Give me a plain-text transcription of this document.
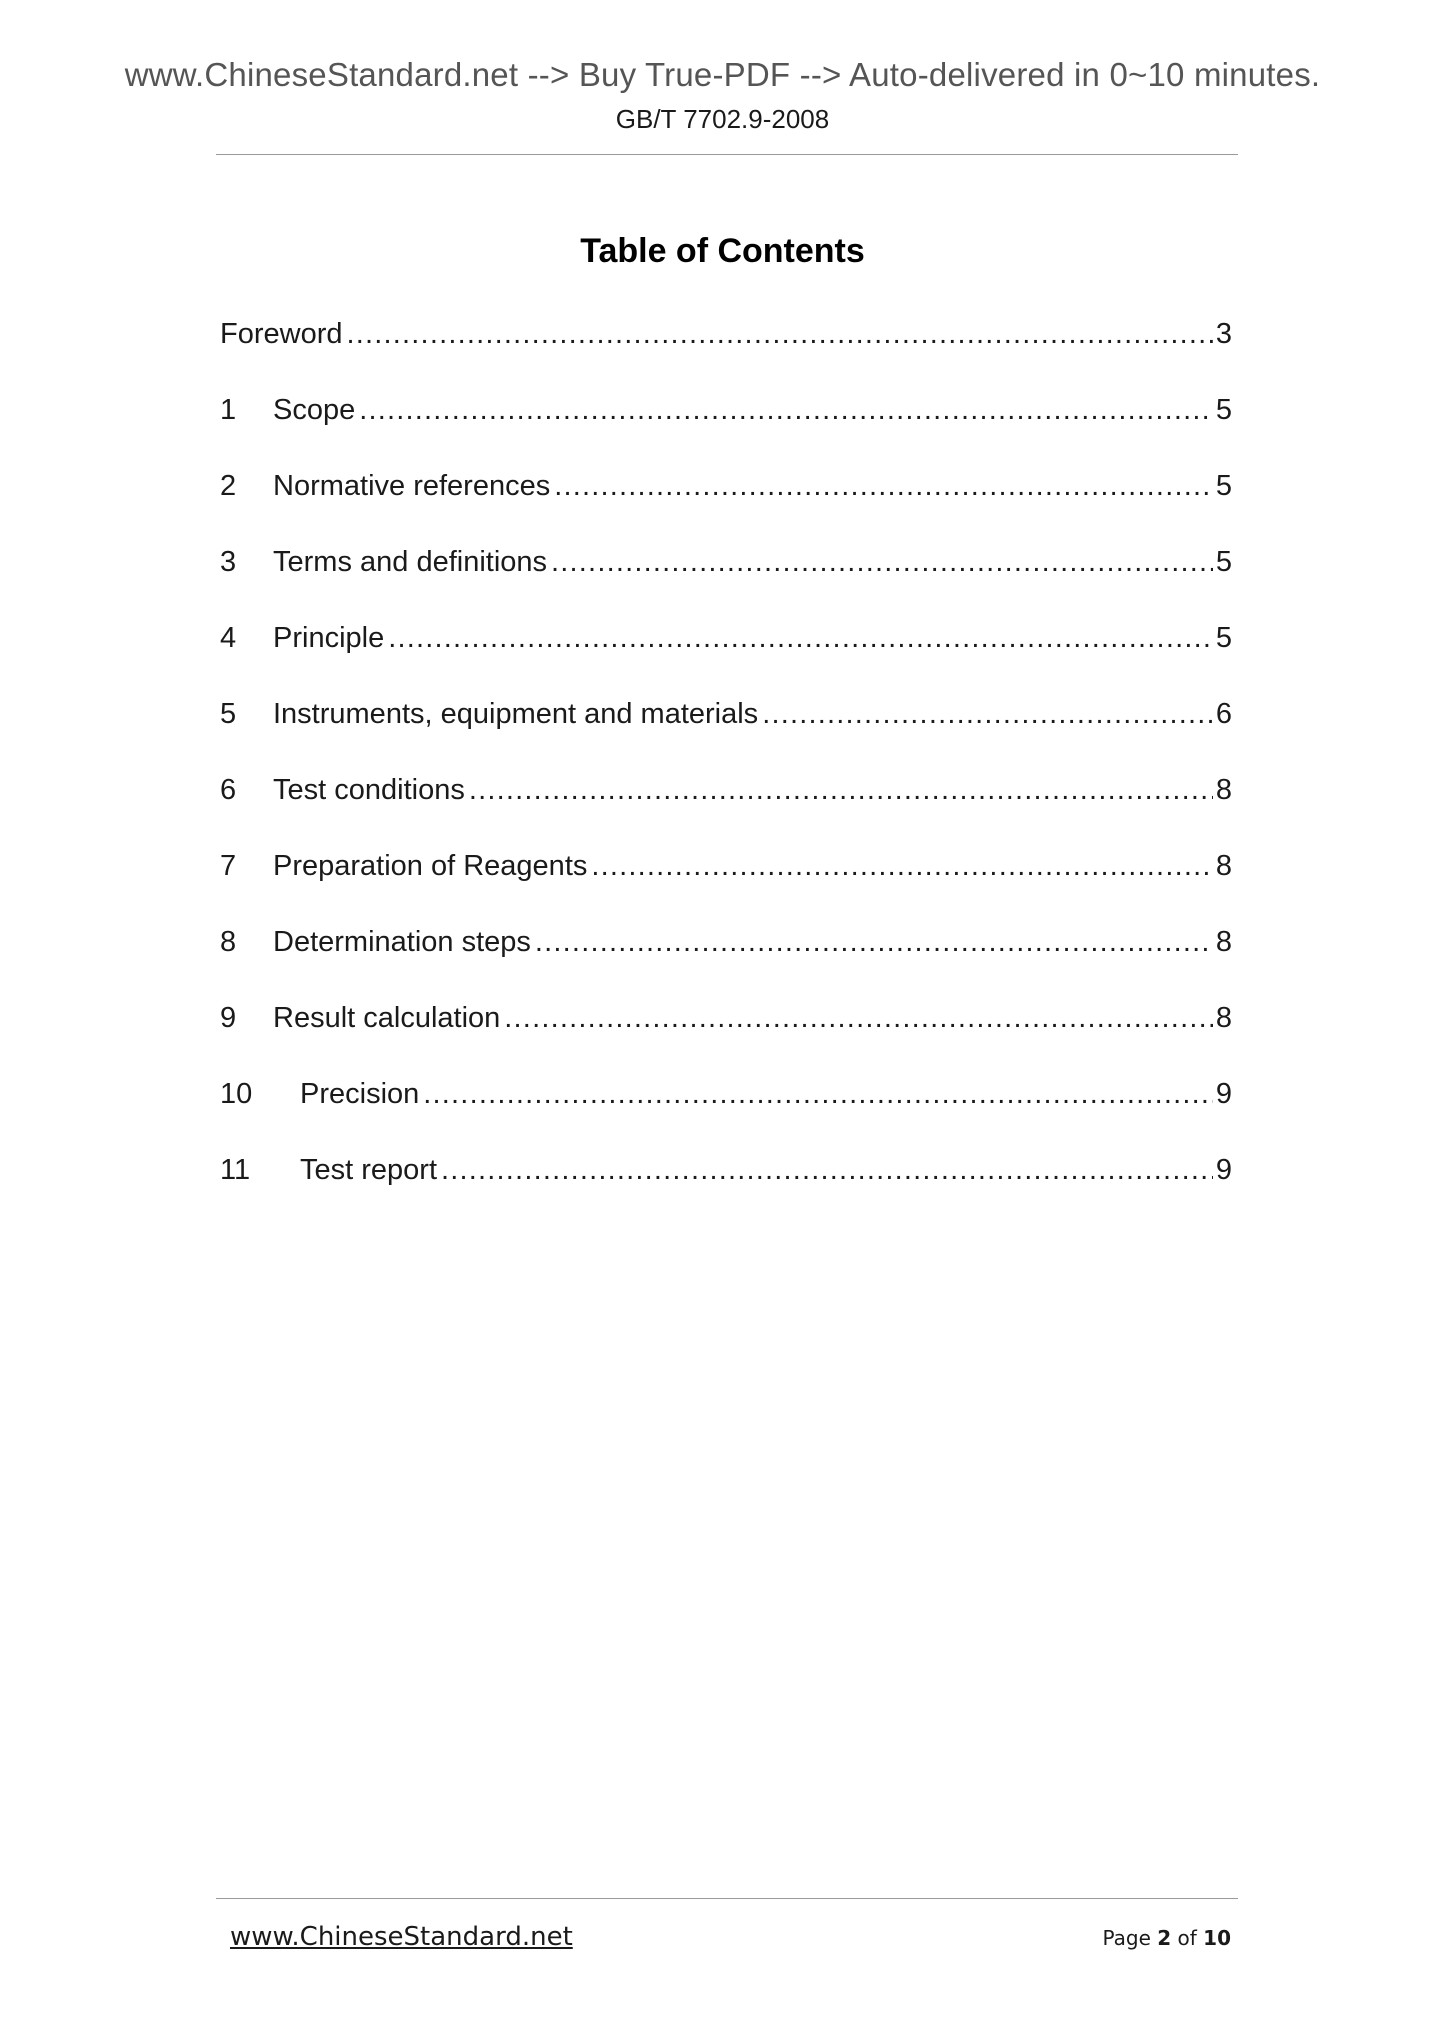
www.ChineseStandard.net --> Buy True-PDF --> Auto-delivered in 0~10 minutes.
GB/T 7702.9-2008
Table of Contents
Foreword .....	3
1	Scope .....	5
2	Normative references .....	5
3	Terms and definitions .....	5
4	Principle .....	5
5	Instruments, equipment and materials .....	6
6	Test conditions .....	8
7	Preparation of Reagents .....	8
8	Determination steps .....	8
9	Result calculation .....	8
10	Precision .....	9
11	Test report .....	9
www.ChineseStandard.net	Page 2 of 10
